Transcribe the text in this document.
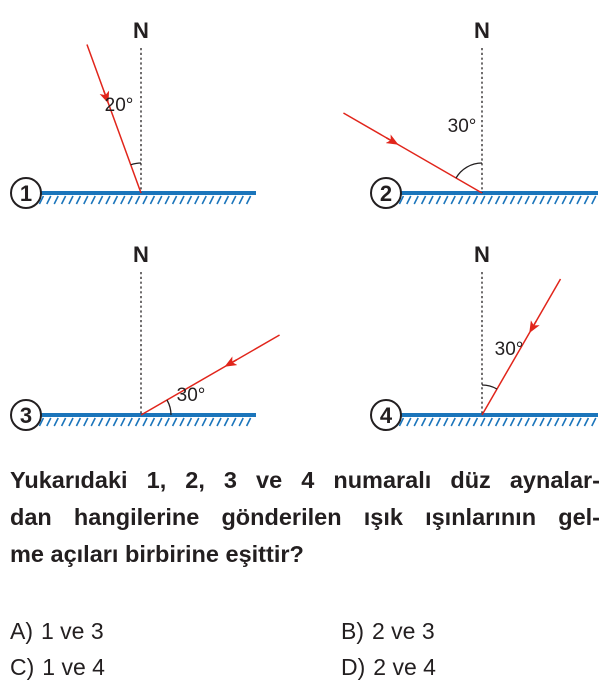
1
N
20°
2
N
30°
3
N
30°
4
N
30°

Yukarıdaki 1, 2, 3 ve 4 numaralı düz aynalar-
dan hangilerine gönderilen ışık ışınlarının gel-
me açıları birbirine eşittir?

A) 1 ve 3	B) 2 ve 3
C) 1 ve 4	D) 2 ve 4
